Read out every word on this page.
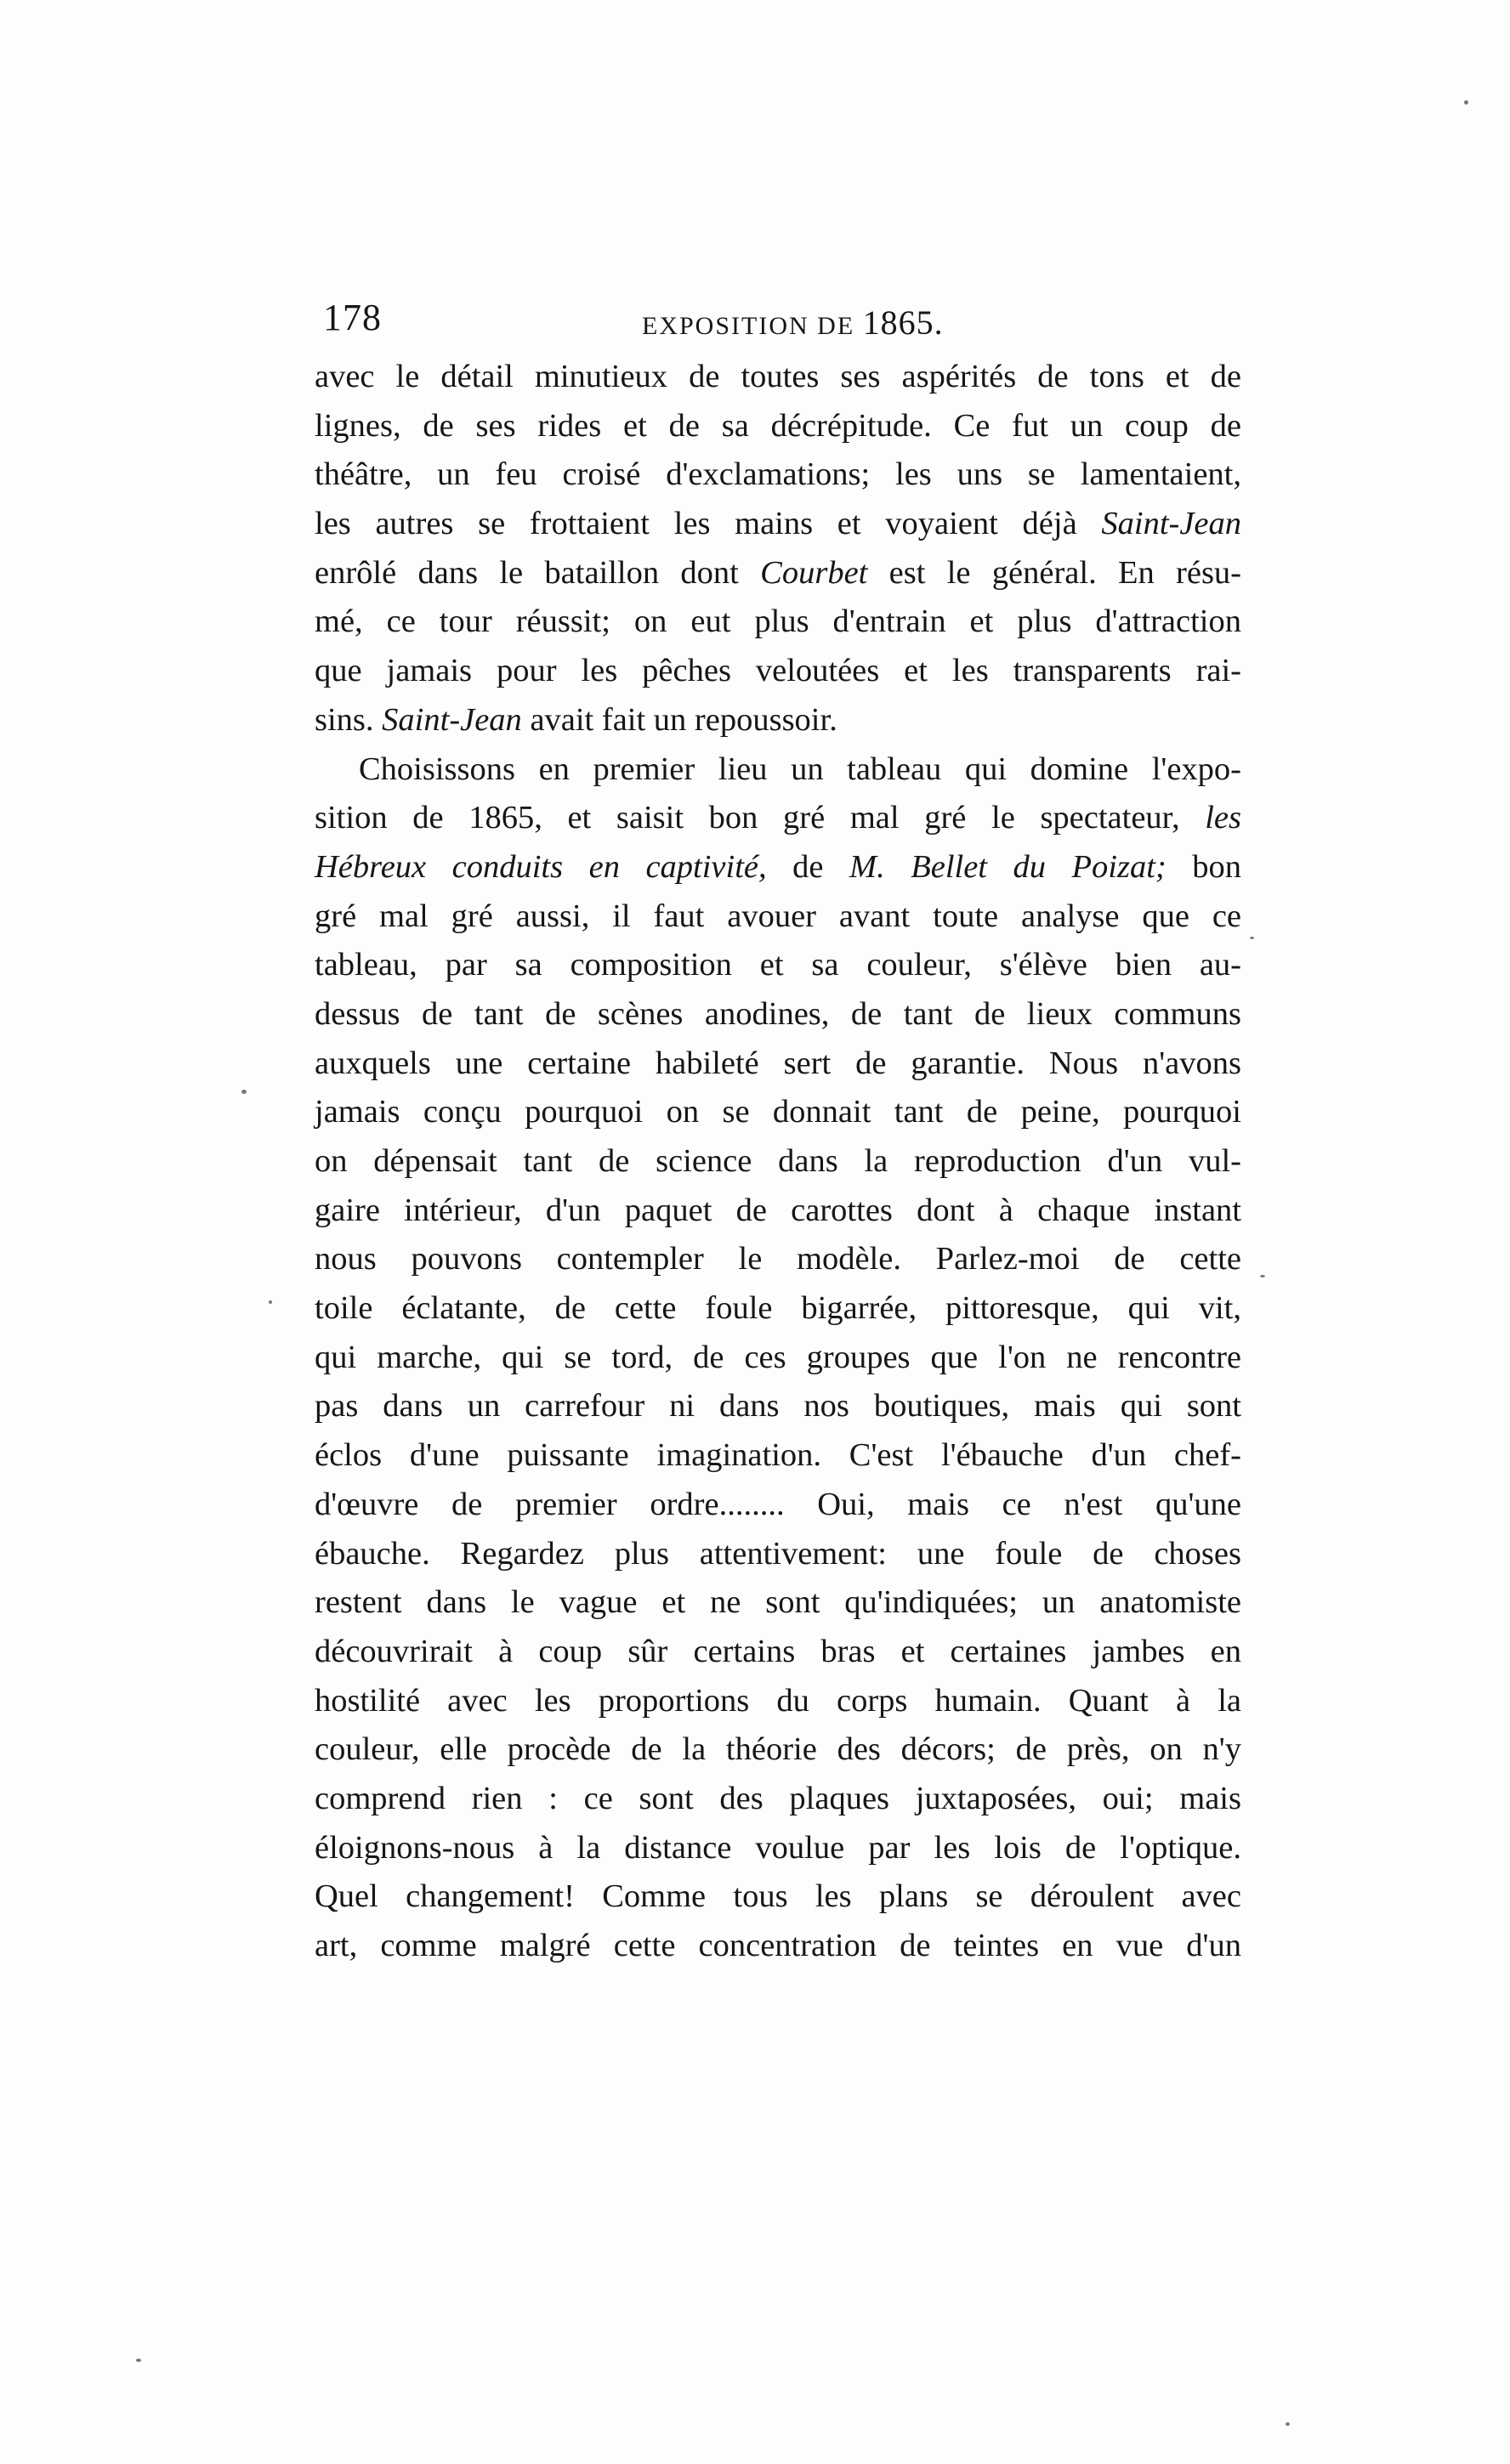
178	EXPOSITION DE 1865.
avec le détail minutieux de toutes ses aspérités de tons et de
lignes, de ses rides et de sa décrépitude. Ce fut un coup de
théâtre, un feu croisé d'exclamations; les uns se lamentaient,
les autres se frottaient les mains et voyaient déjà Saint-Jean
enrôlé dans le bataillon dont Courbet est le général. En résu-
mé, ce tour réussit; on eut plus d'entrain et plus d'attraction
que jamais pour les pêches veloutées et les transparents rai-
sins. Saint-Jean avait fait un repoussoir.
Choisissons en premier lieu un tableau qui domine l'expo-
sition de 1865, et saisit bon gré mal gré le spectateur, les
Hébreux conduits en captivité, de M. Bellet du Poizat; bon
gré mal gré aussi, il faut avouer avant toute analyse que ce
tableau, par sa composition et sa couleur, s'élève bien au-
dessus de tant de scènes anodines, de tant de lieux communs
auxquels une certaine habileté sert de garantie. Nous n'avons
jamais conçu pourquoi on se donnait tant de peine, pourquoi
on dépensait tant de science dans la reproduction d'un vul-
gaire intérieur, d'un paquet de carottes dont à chaque instant
nous pouvons contempler le modèle. Parlez-moi de cette
toile éclatante, de cette foule bigarrée, pittoresque, qui vit,
qui marche, qui se tord, de ces groupes que l'on ne rencontre
pas dans un carrefour ni dans nos boutiques, mais qui sont
éclos d'une puissante imagination. C'est l'ébauche d'un chef-
d'œuvre de premier ordre........ Oui, mais ce n'est qu'une
ébauche. Regardez plus attentivement: une foule de choses
restent dans le vague et ne sont qu'indiquées; un anatomiste
découvrirait à coup sûr certains bras et certaines jambes en
hostilité avec les proportions du corps humain. Quant à la
couleur, elle procède de la théorie des décors; de près, on n'y
comprend rien : ce sont des plaques juxtaposées, oui; mais
éloignons-nous à la distance voulue par les lois de l'optique.
Quel changement! Comme tous les plans se déroulent avec
art, comme malgré cette concentration de teintes en vue d'un
